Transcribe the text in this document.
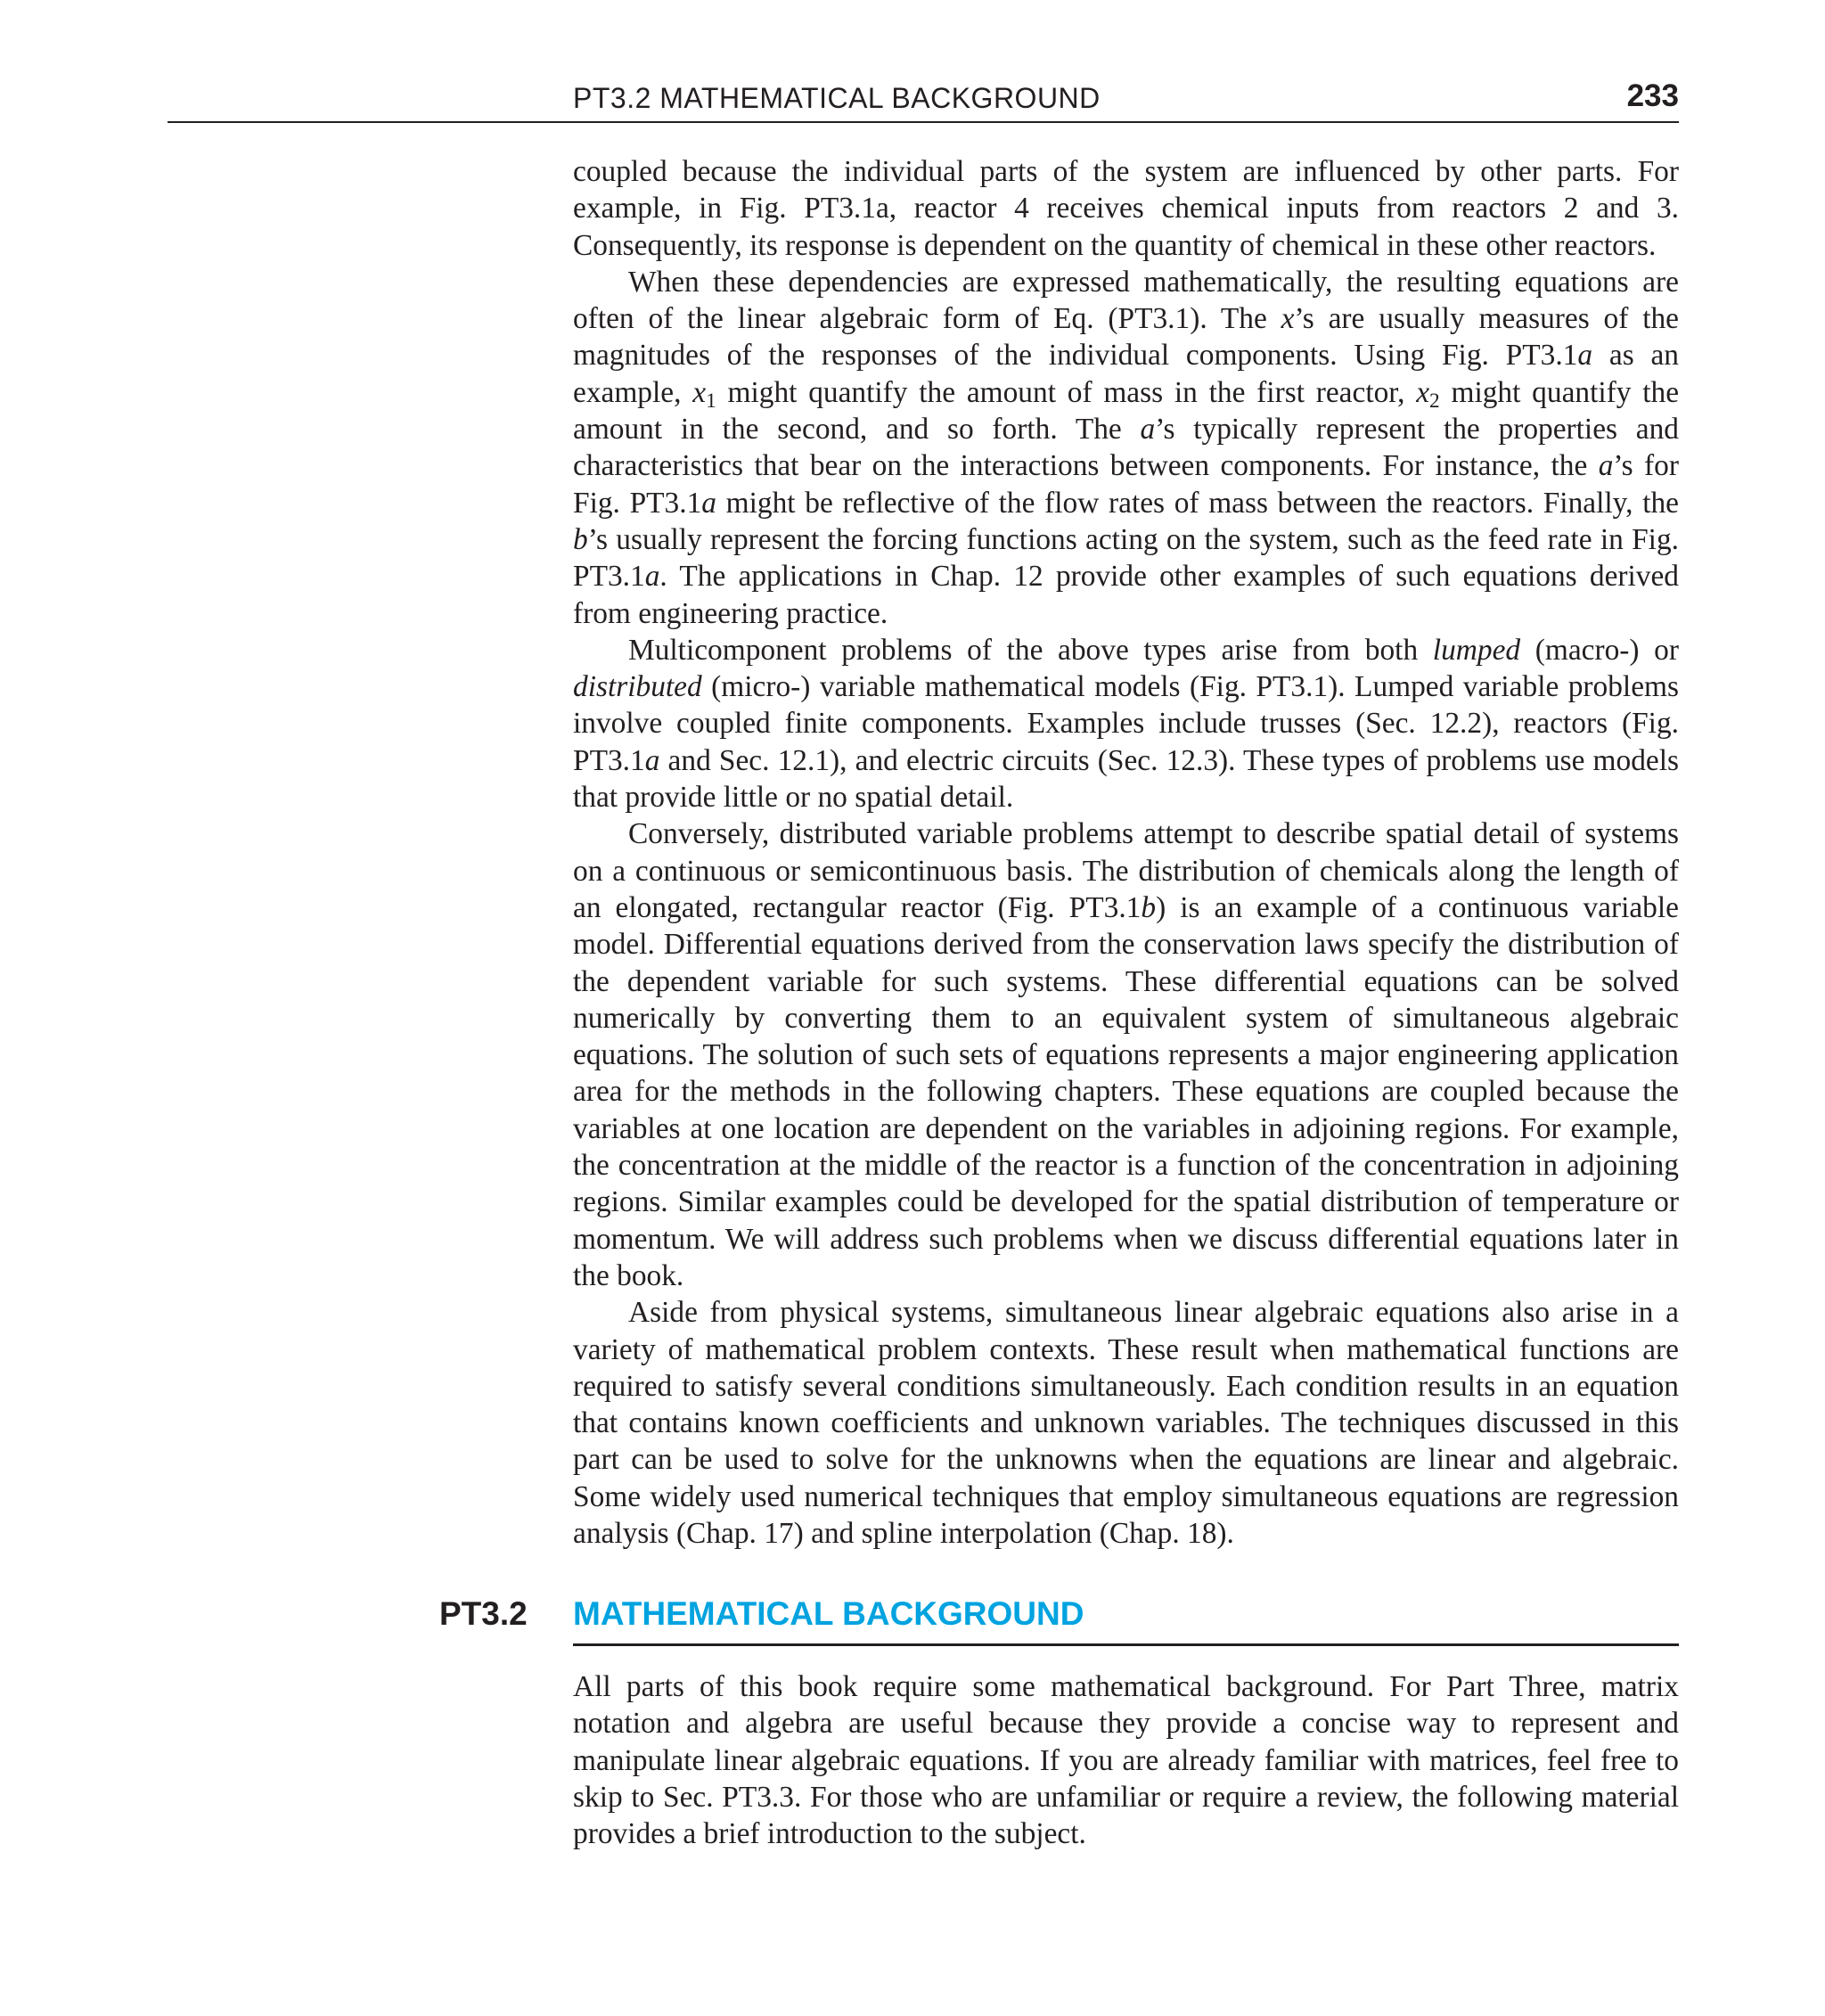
PT3.2 MATHEMATICAL BACKGROUND	233

coupled because the individual parts of the system are influenced by other parts. For example, in Fig. PT3.1a, reactor 4 receives chemical inputs from reactors 2 and 3. Consequently, its response is dependent on the quantity of chemical in these other reactors.

When these dependencies are expressed mathematically, the resulting equations are often of the linear algebraic form of Eq. (PT3.1). The x’s are usually measures of the magnitudes of the responses of the individual components. Using Fig. PT3.1a as an example, $x_1$ might quantify the amount of mass in the first reactor, $x_2$ might quantify the amount in the second, and so forth. The a’s typically represent the properties and characteristics that bear on the interactions between components. For instance, the a’s for Fig. PT3.1a might be reflective of the flow rates of mass between the reactors. Finally, the b’s usually represent the forcing functions acting on the system, such as the feed rate in Fig. PT3.1a. The applications in Chap. 12 provide other examples of such equations derived from engineering practice.

Multicomponent problems of the above types arise from both lumped (macro-) or distributed (micro-) variable mathematical models (Fig. PT3.1). Lumped variable problems involve coupled finite components. Examples include trusses (Sec. 12.2), reactors (Fig. PT3.1a and Sec. 12.1), and electric circuits (Sec. 12.3). These types of problems use models that provide little or no spatial detail.

Conversely, distributed variable problems attempt to describe spatial detail of systems on a continuous or semicontinuous basis. The distribution of chemicals along the length of an elongated, rectangular reactor (Fig. PT3.1b) is an example of a continuous variable model. Differential equations derived from the conservation laws specify the distribution of the dependent variable for such systems. These differential equations can be solved numerically by converting them to an equivalent system of simultaneous algebraic equations. The solution of such sets of equations represents a major engineering application area for the methods in the following chapters. These equations are coupled because the variables at one location are dependent on the variables in adjoining regions. For example, the concentration at the middle of the reactor is a function of the concentration in adjoining regions. Similar examples could be developed for the spatial distribution of temperature or momentum. We will address such problems when we discuss differential equations later in the book.

Aside from physical systems, simultaneous linear algebraic equations also arise in a variety of mathematical problem contexts. These result when mathematical functions are required to satisfy several conditions simultaneously. Each condition results in an equation that contains known coefficients and unknown variables. The techniques discussed in this part can be used to solve for the unknowns when the equations are linear and algebraic. Some widely used numerical techniques that employ simultaneous equations are regression analysis (Chap. 17) and spline interpolation (Chap. 18).

PT3.2 MATHEMATICAL BACKGROUND

All parts of this book require some mathematical background. For Part Three, matrix notation and algebra are useful because they provide a concise way to represent and manipulate linear algebraic equations. If you are already familiar with matrices, feel free to skip to Sec. PT3.3. For those who are unfamiliar or require a review, the following material provides a brief introduction to the subject.
